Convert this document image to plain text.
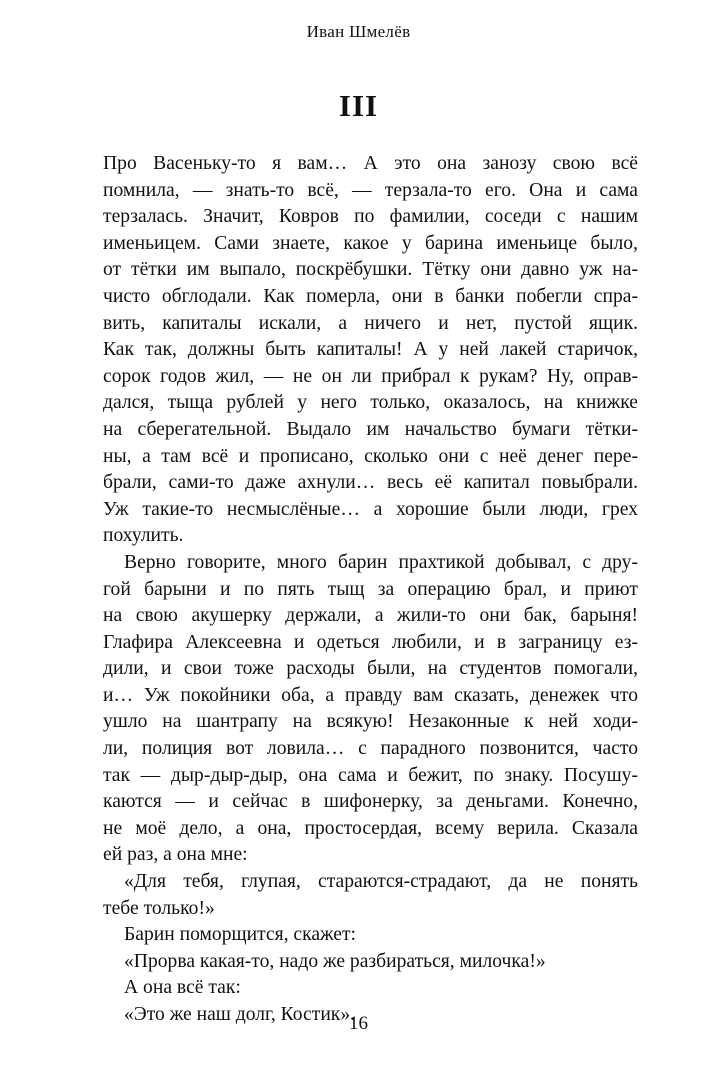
Иван Шмелёв
III
Про Васеньку-то я вам… А это она занозу свою всё
помнила, — знать-то всё, — терзала-то его. Она и сама
терзалась. Значит, Ковров по фамилии, соседи с нашим
именьицем. Сами знаете, какое у барина именьице было,
от тётки им выпало, поскрёбушки. Тётку они давно уж на-
чисто обглодали. Как померла, они в банки побегли спра-
вить, капиталы искали, а ничего и нет, пустой ящик.
Как так, должны быть капиталы! А у ней лакей старичок,
сорок годов жил, — не он ли прибрал к рукам? Ну, оправ-
дался, тыща рублей у него только, оказалось, на книжке
на сберегательной. Выдало им начальство бумаги тётки-
ны, а там всё и прописано, сколько они с неё денег пере-
брали, сами-то даже ахнули… весь её капитал повыбрали.
Уж такие-то несмыслёные… а хорошие были люди, грех
похулить.
Верно говорите, много барин прахтикой добывал, с дру-
гой барыни и по пять тыщ за операцию брал, и приют
на свою акушерку держали, а жили-то они бак, барыня!
Глафира Алексеевна и одеться любили, и в заграницу ез-
дили, и свои тоже расходы были, на студентов помогали,
и… Уж покойники оба, а правду вам сказать, денежек что
ушло на шантрапу на всякую! Незаконные к ней ходи-
ли, полиция вот ловила… с парадного позвонится, часто
так — дыр-дыр-дыр, она сама и бежит, по знаку. Посушу-
каются — и сейчас в шифонерку, за деньгами. Конечно,
не моё дело, а она, простосердая, всему верила. Сказала
ей раз, а она мне:
«Для тебя, глупая, стараются-страдают, да не понять
тебе только!»
Барин поморщится, скажет:
«Прорва какая-то, надо же разбираться, милочка!»
А она всё так:
«Это же наш долг, Костик».
16
